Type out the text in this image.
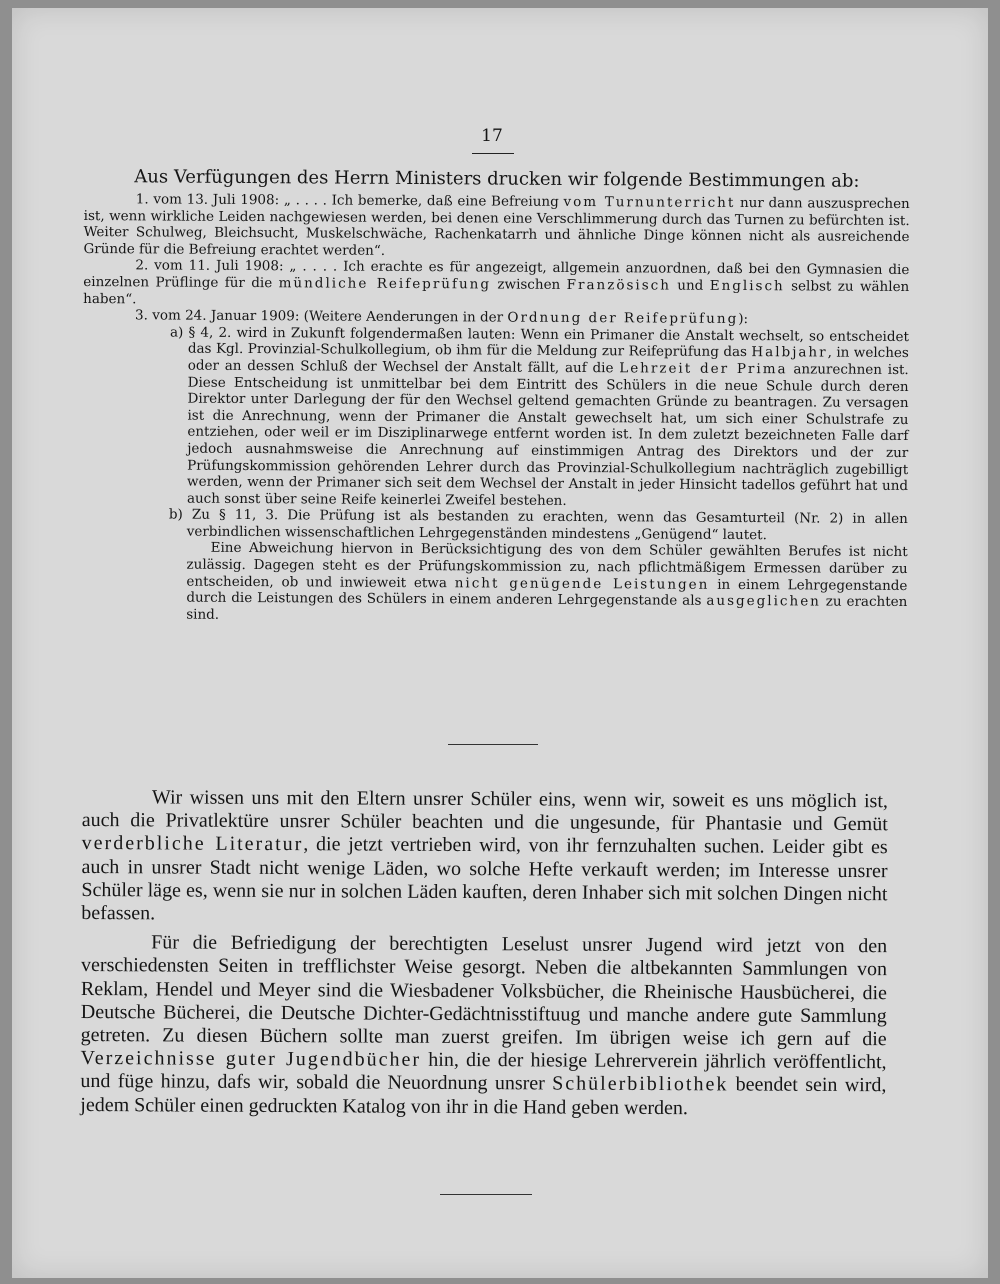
17

Aus Verfügungen des Herrn Ministers drucken wir folgende Bestimmungen ab:

1. vom 13. Juli 1908: „ . . . . Ich bemerke, daß eine Befreiung vom Turnunterricht nur dann auszusprechen ist, wenn wirkliche Leiden nachgewiesen werden, bei denen eine Verschlimmerung durch das Turnen zu befürchten ist. Weiter Schulweg, Bleichsucht, Muskelschwäche, Rachenkatarrh und ähnliche Dinge können nicht als ausreichende Gründe für die Befreiung erachtet werden“.

2. vom 11. Juli 1908: „ . . . . Ich erachte es für angezeigt, allgemein anzuordnen, daß bei den Gymnasien die einzelnen Prüflinge für die mündliche Reifeprüfung zwischen Französisch und Englisch selbst zu wählen haben“.

3. vom 24. Januar 1909: (Weitere Aenderungen in der Ordnung der Reifeprüfung):

a) § 4, 2. wird in Zukunft folgendermaßen lauten: Wenn ein Primaner die Anstalt wechselt, so entscheidet das Kgl. Provinzial-Schulkollegium, ob ihm für die Meldung zur Reifeprüfung das Halbjahr, in welches oder an dessen Schluß der Wechsel der Anstalt fällt, auf die Lehrzeit der Prima anzurechnen ist. Diese Entscheidung ist unmittelbar bei dem Eintritt des Schülers in die neue Schule durch deren Direktor unter Darlegung der für den Wechsel geltend gemachten Gründe zu beantragen. Zu versagen ist die Anrechnung, wenn der Primaner die Anstalt gewechselt hat, um sich einer Schulstrafe zu entziehen, oder weil er im Disziplinarwege entfernt worden ist. In dem zuletzt bezeichneten Falle darf jedoch ausnahmsweise die Anrechnung auf einstimmigen Antrag des Direktors und der zur Prüfungskommission gehörenden Lehrer durch das Provinzial-Schulkollegium nachträglich zugebilligt werden, wenn der Primaner sich seit dem Wechsel der Anstalt in jeder Hinsicht tadellos geführt hat und auch sonst über seine Reife keinerlei Zweifel bestehen.

b) Zu § 11, 3. Die Prüfung ist als bestanden zu erachten, wenn das Gesamturteil (Nr. 2) in allen verbindlichen wissenschaftlichen Lehrgegenständen mindestens „Genügend“ lautet.

Eine Abweichung hiervon in Berücksichtigung des von dem Schüler gewählten Berufes ist nicht zulässig. Dagegen steht es der Prüfungskommission zu, nach pflichtmäßigem Ermessen darüber zu entscheiden, ob und inwieweit etwa nicht genügende Leistungen in einem Lehrgegenstande durch die Leistungen des Schülers in einem anderen Lehrgegenstande als ausgeglichen zu erachten sind.

Wir wissen uns mit den Eltern unsrer Schüler eins, wenn wir, soweit es uns möglich ist, auch die Privatlektüre unsrer Schüler beachten und die ungesunde, für Phantasie und Gemüt verderbliche Literatur, die jetzt vertrieben wird, von ihr fernzuhalten suchen. Leider gibt es auch in unsrer Stadt nicht wenige Läden, wo solche Hefte verkauft werden; im Interesse unsrer Schüler läge es, wenn sie nur in solchen Läden kauften, deren Inhaber sich mit solchen Dingen nicht befassen.

Für die Befriedigung der berechtigten Leselust unsrer Jugend wird jetzt von den verschiedensten Seiten in trefflichster Weise gesorgt. Neben die altbekannten Sammlungen von Reklam, Hendel und Meyer sind die Wiesbadener Volksbücher, die Rheinische Hausbücherei, die Deutsche Bücherei, die Deutsche Dichter-Gedächtnisstiftuug und manche andere gute Sammlung getreten. Zu diesen Büchern sollte man zuerst greifen. Im übrigen weise ich gern auf die Verzeichnisse guter Jugendbücher hin, die der hiesige Lehrerverein jährlich veröffentlicht, und füge hinzu, dafs wir, sobald die Neuordnung unsrer Schülerbibliothek beendet sein wird, jedem Schüler einen gedruckten Katalog von ihr in die Hand geben werden.
